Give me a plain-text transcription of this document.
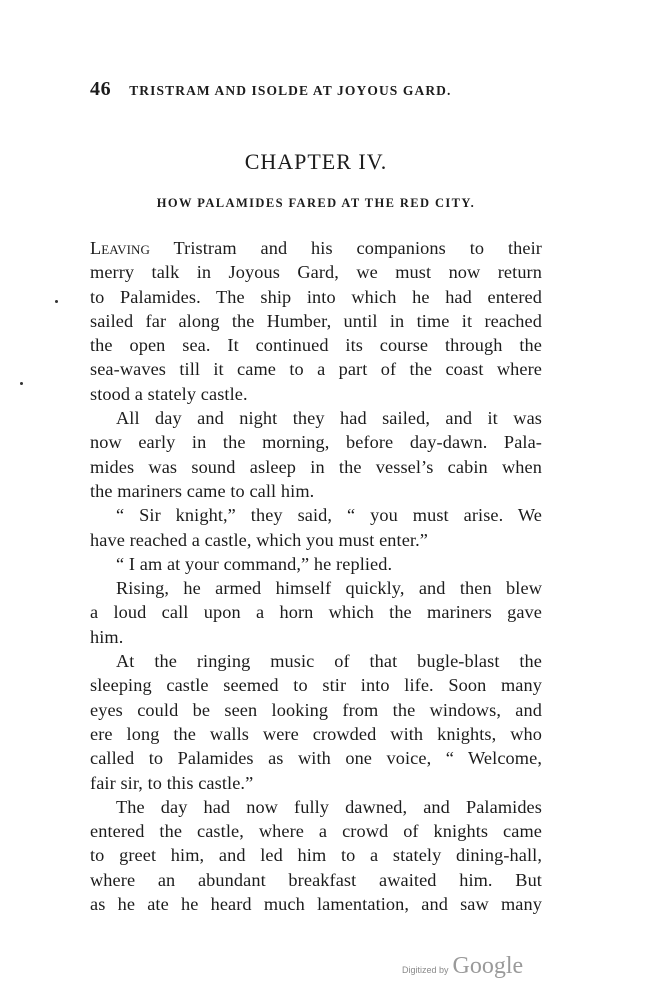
46 TRISTRAM AND ISOLDE AT JOYOUS GARD.
CHAPTER IV.
HOW PALAMIDES FARED AT THE RED CITY.
Leaving Tristram and his companions to their
merry talk in Joyous Gard, we must now return
to Palamides. The ship into which he had entered
sailed far along the Humber, until in time it reached
the open sea. It continued its course through the
sea-waves till it came to a part of the coast where
stood a stately castle.
All day and night they had sailed, and it was
now early in the morning, before day-dawn. Pala-
mides was sound asleep in the vessel’s cabin when
the mariners came to call him.
“ Sir knight,” they said, “ you must arise. We
have reached a castle, which you must enter.”
“ I am at your command,” he replied.
Rising, he armed himself quickly, and then blew
a loud call upon a horn which the mariners gave
him.
At the ringing music of that bugle-blast the
sleeping castle seemed to stir into life. Soon many
eyes could be seen looking from the windows, and
ere long the walls were crowded with knights, who
called to Palamides as with one voice, “ Welcome,
fair sir, to this castle.”
The day had now fully dawned, and Palamides
entered the castle, where a crowd of knights came
to greet him, and led him to a stately dining-hall,
where an abundant breakfast awaited him. But
as he ate he heard much lamentation, and saw many
Digitized by Google
